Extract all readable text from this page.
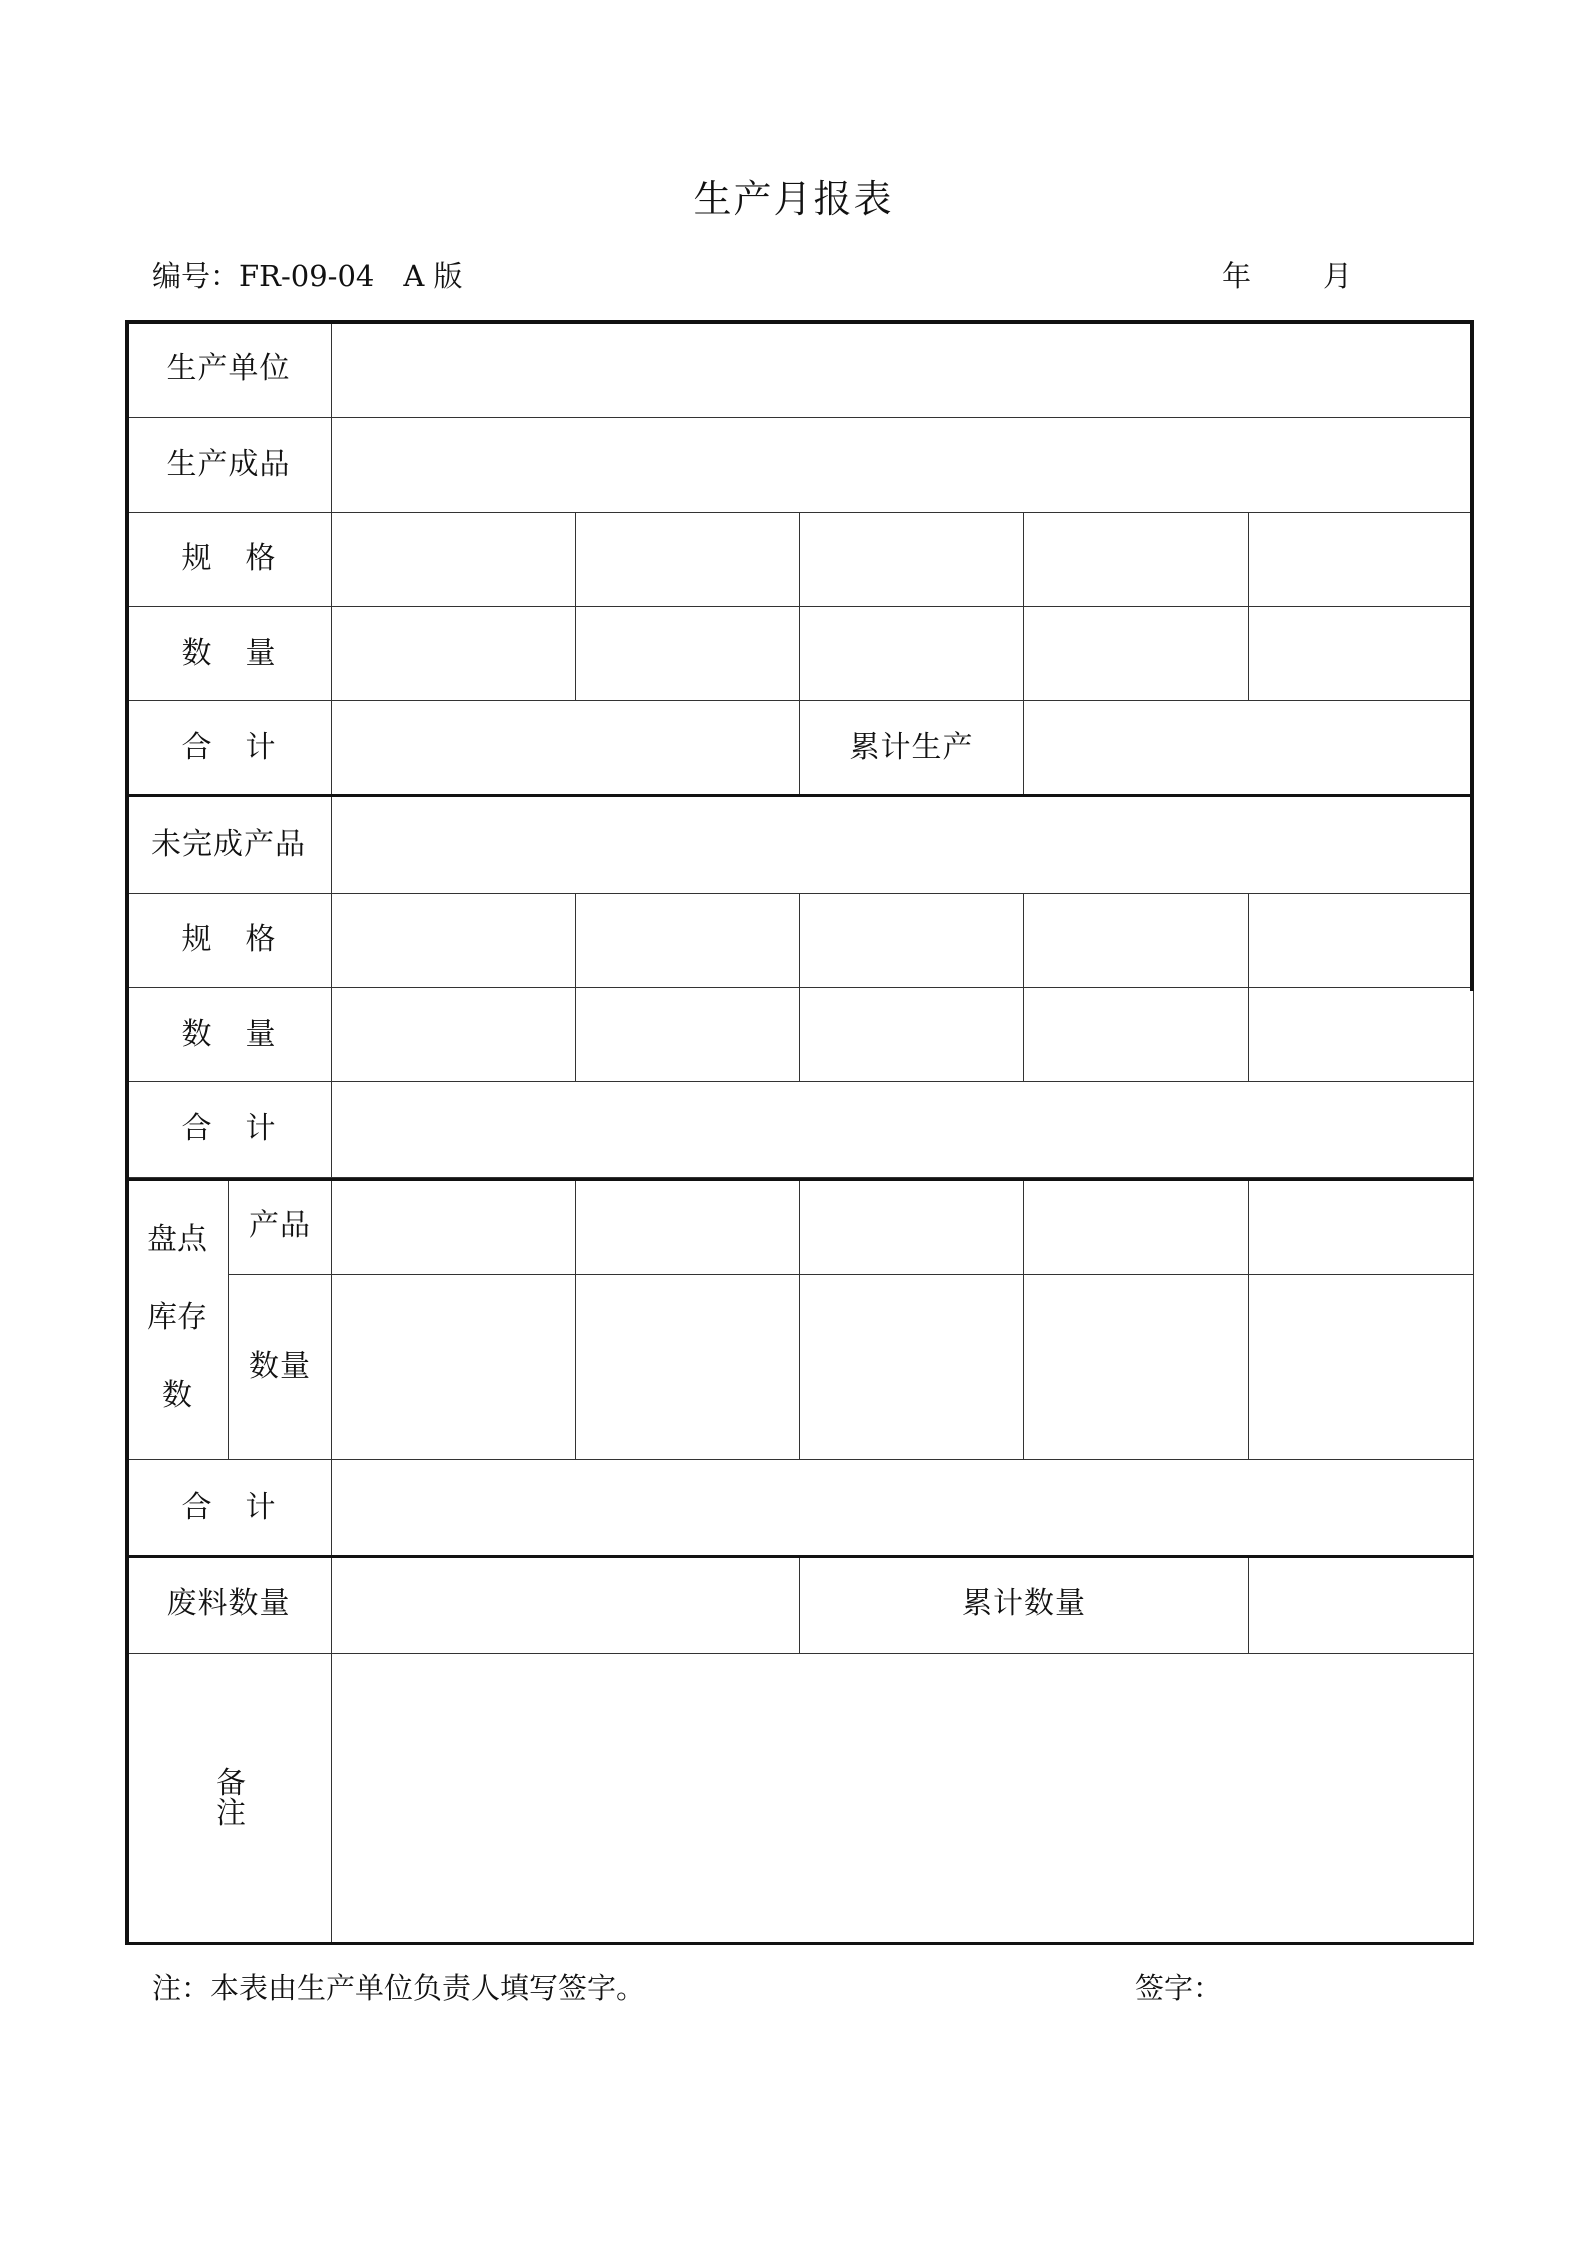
生产月报表
编号：FR-09-04　A 版	年 月
生产单位						
生产成品						
规格						
数量						
合计				累计生产		
未完成产品						
规格						
数量						
合计						

盘点
库存
数	产品					
	数量					
合计						
废料数量				累计数量		
备注						
注：本表由生产单位负责人填写签字。	签字：
